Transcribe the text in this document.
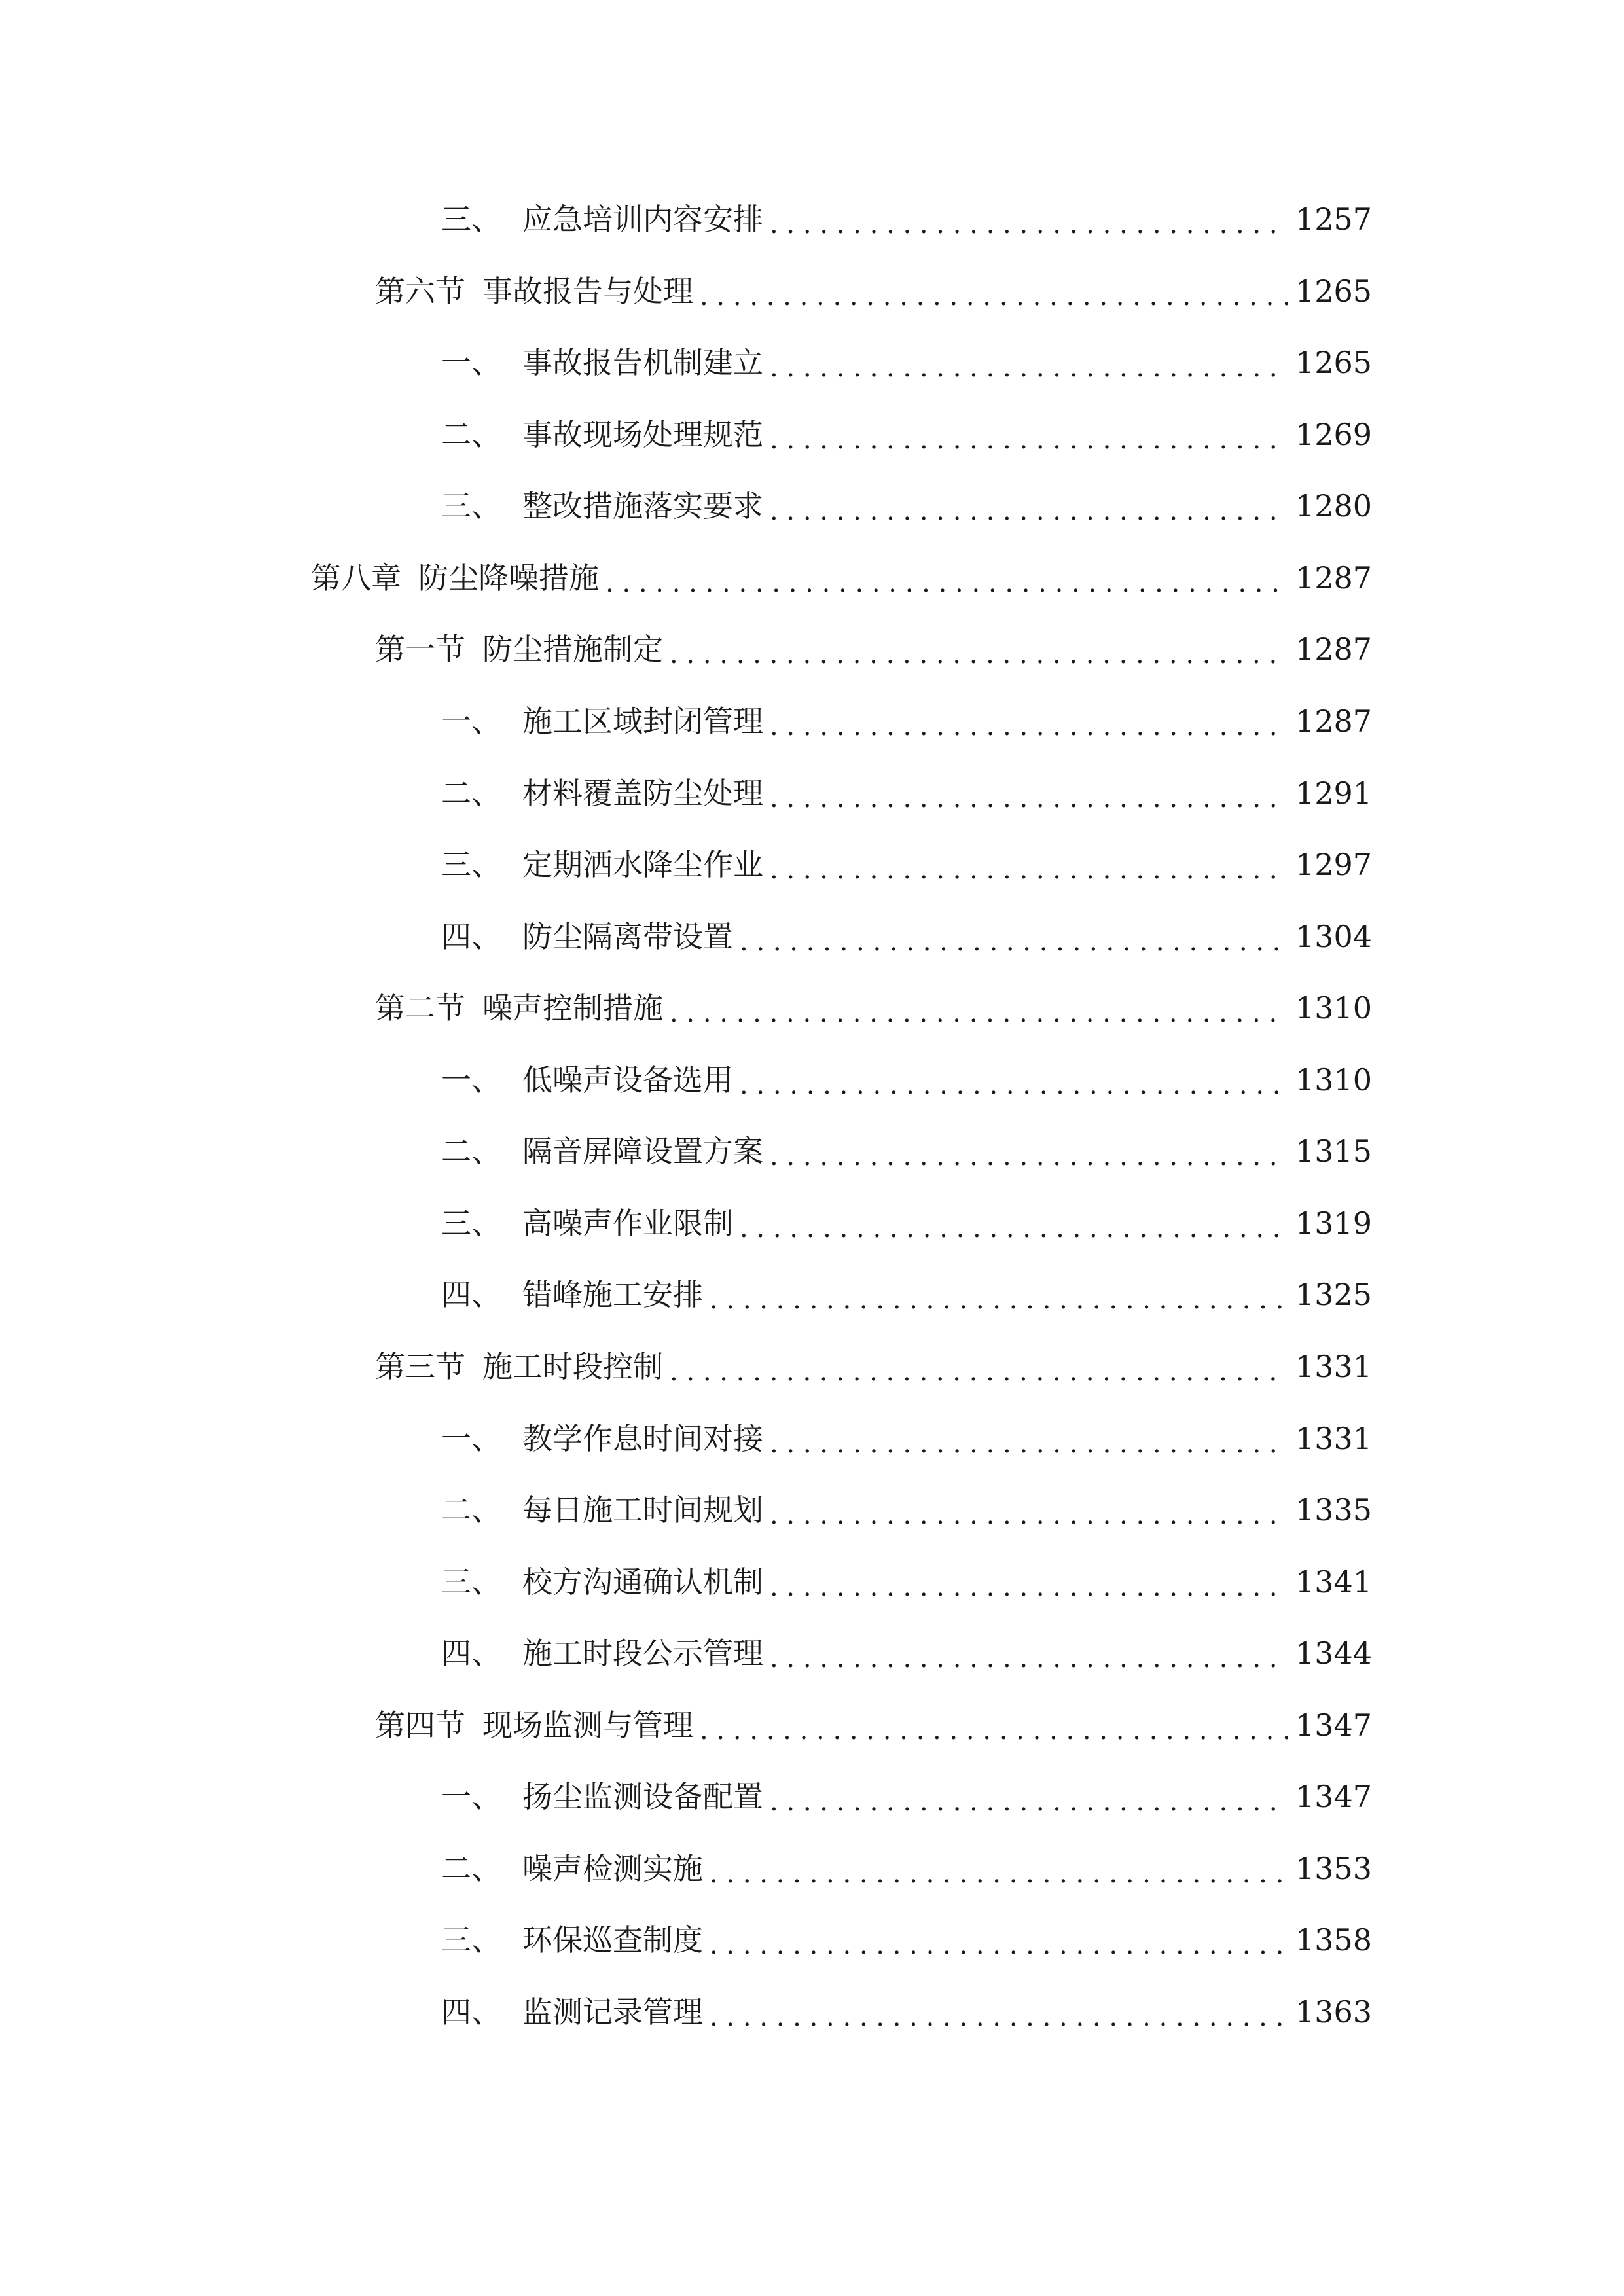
三、 应急培训内容安排 . . .	1257
第六节 事故报告与处理 . . .	1265
一、 事故报告机制建立 . . .	1265
二、 事故现场处理规范 . . .	1269
三、 整改措施落实要求 . . .	1280
第八章 防尘降噪措施 . . .	1287
第一节 防尘措施制定 . . .	1287
一、 施工区域封闭管理 . . .	1287
二、 材料覆盖防尘处理 . . .	1291
三、 定期洒水降尘作业 . . .	1297
四、 防尘隔离带设置 . . .	1304
第二节 噪声控制措施 . . .	1310
一、 低噪声设备选用 . . .	1310
二、 隔音屏障设置方案 . . .	1315
三、 高噪声作业限制 . . .	1319
四、 错峰施工安排 . . .	1325
第三节 施工时段控制 . . .	1331
一、 教学作息时间对接 . . .	1331
二、 每日施工时间规划 . . .	1335
三、 校方沟通确认机制 . . .	1341
四、 施工时段公示管理 . . .	1344
第四节 现场监测与管理 . . .	1347
一、 扬尘监测设备配置 . . .	1347
二、 噪声检测实施 . . .	1353
三、 环保巡查制度 . . .	1358
四、 监测记录管理 . . .	1363
